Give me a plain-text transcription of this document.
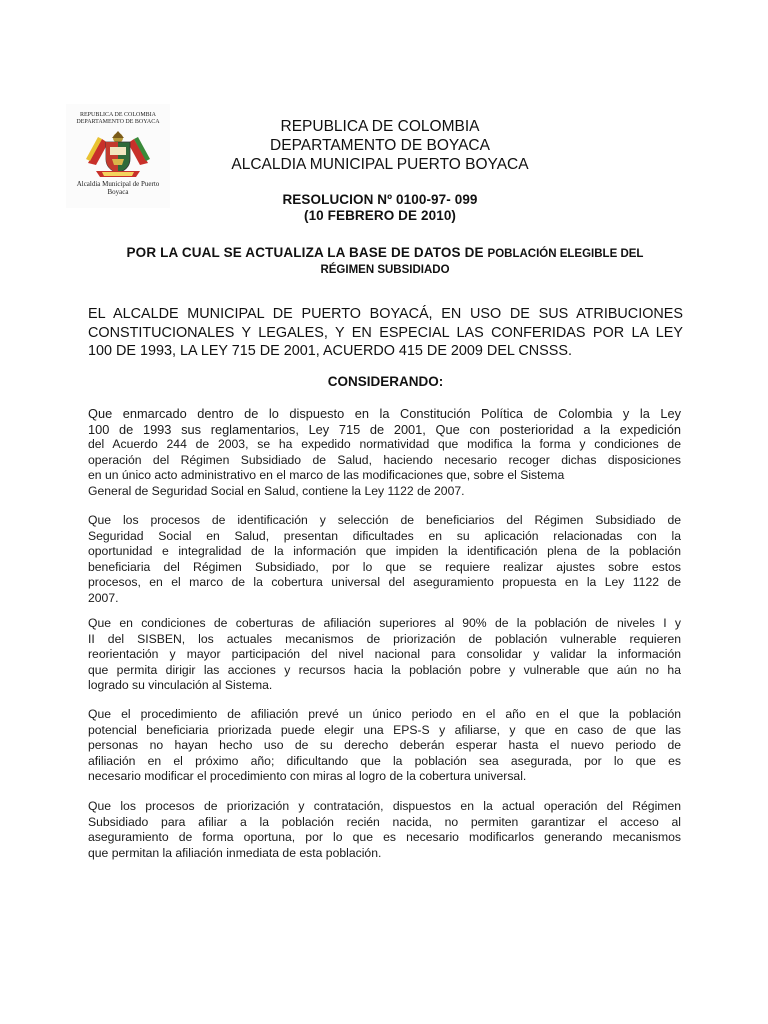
REPUBLICA DE COLOMBIA
DEPARTAMENTO DE BOYACA
Alcaldia Municipal de Puerto
Boyaca
REPUBLICA DE COLOMBIA
DEPARTAMENTO DE BOYACA
ALCALDIA MUNICIPAL PUERTO BOYACA
RESOLUCION Nº 0100-97- 099
(10 FEBRERO DE 2010)
POR LA CUAL SE ACTUALIZA LA BASE DE DATOS DE POBLACIÓN ELEGIBLE DEL
RÉGIMEN SUBSIDIADO
EL ALCALDE MUNICIPAL DE PUERTO BOYACÁ, EN USO DE SUS ATRIBUCIONES
CONSTITUCIONALES Y LEGALES, Y EN ESPECIAL LAS CONFERIDAS POR LA LEY
100 DE 1993, LA LEY 715 DE 2001, ACUERDO 415 DE 2009 DEL CNSSS.
CONSIDERANDO:
Que enmarcado dentro de lo dispuesto en la Constitución Política de Colombia y la Ley
100 de 1993 sus reglamentarios, Ley 715 de 2001, Que con posterioridad a la expedición
del Acuerdo 244 de 2003, se ha expedido normatividad que modifica la forma y condiciones de
operación del Régimen Subsidiado de Salud, haciendo necesario recoger dichas disposiciones
en un único acto administrativo en el marco de las modificaciones que, sobre el Sistema
General de Seguridad Social en Salud, contiene la Ley 1122 de 2007.
Que los procesos de identificación y selección de beneficiarios del Régimen Subsidiado de
Seguridad Social en Salud, presentan dificultades en su aplicación relacionadas con la
oportunidad e integralidad de la información que impiden la identificación plena de la población
beneficiaria del Régimen Subsidiado, por lo que se requiere realizar ajustes sobre estos
procesos, en el marco de la cobertura universal del aseguramiento propuesta en la Ley 1122 de
2007.
Que en condiciones de coberturas de afiliación superiores al 90% de la población de niveles I y
II del SISBEN, los actuales mecanismos de priorización de población vulnerable requieren
reorientación y mayor participación del nivel nacional para consolidar y validar la información
que permita dirigir las acciones y recursos hacia la población pobre y vulnerable que aún no ha
logrado su vinculación al Sistema.
Que el procedimiento de afiliación prevé un único periodo en el año en el que la población
potencial beneficiaria priorizada puede elegir una EPS-S y afiliarse, y que en caso de que las
personas no hayan hecho uso de su derecho deberán esperar hasta el nuevo periodo de
afiliación en el próximo año; dificultando que la población sea asegurada, por lo que es
necesario modificar el procedimiento con miras al logro de la cobertura universal.
Que los procesos de priorización y contratación, dispuestos en la actual operación del Régimen
Subsidiado para afiliar a la población recién nacida, no permiten garantizar el acceso al
aseguramiento de forma oportuna, por lo que es necesario modificarlos generando mecanismos
que permitan la afiliación inmediata de esta población.
